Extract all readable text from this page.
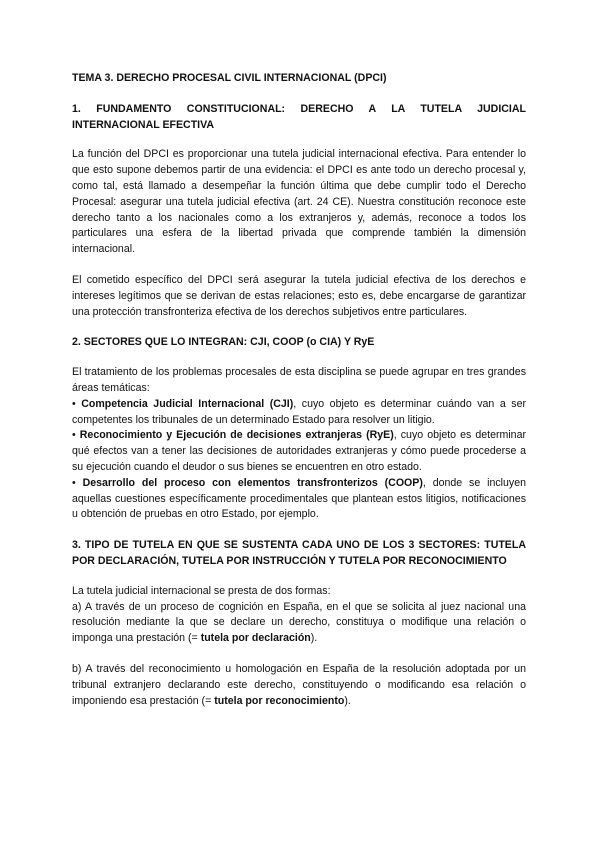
TEMA 3. DERECHO PROCESAL CIVIL INTERNACIONAL (DPCI)
1. FUNDAMENTO CONSTITUCIONAL: DERECHO A LA TUTELA JUDICIAL INTERNACIONAL EFECTIVA

La función del DPCI es proporcionar una tutela judicial internacional efectiva. Para entender lo que esto supone debemos partir de una evidencia: el DPCI es ante todo un derecho procesal y, como tal, está llamado a desempeñar la función última que debe cumplir todo el Derecho Procesal: asegurar una tutela judicial efectiva (art. 24 CE). Nuestra constitución reconoce este derecho tanto a los nacionales como a los extranjeros y, además, reconoce a todos los particulares una esfera de la libertad privada que comprende también la dimensión internacional.

El cometido específico del DPCI será asegurar la tutela judicial efectiva de los derechos e intereses legítimos que se derivan de estas relaciones; esto es, debe encargarse de garantizar una protección transfronteriza efectiva de los derechos subjetivos entre particulares.

2. SECTORES QUE LO INTEGRAN: CJI, COOP (o CIA) Y RyE

El tratamiento de los problemas procesales de esta disciplina se puede agrupar en tres grandes áreas temáticas:

• Competencia Judicial Internacional (CJI), cuyo objeto es determinar cuándo van a ser competentes los tribunales de un determinado Estado para resolver un litigio.
• Reconocimiento y Ejecución de decisiones extranjeras (RyE), cuyo objeto es determinar qué efectos van a tener las decisiones de autoridades extranjeras y cómo puede procederse a su ejecución cuando el deudor o sus bienes se encuentren en otro estado.
• Desarrollo del proceso con elementos transfronterizos (COOP), donde se incluyen aquellas cuestiones específicamente procedimentales que plantean estos litigios, notificaciones u obtención de pruebas en otro Estado, por ejemplo.
3. TIPO DE TUTELA EN QUE SE SUSTENTA CADA UNO DE LOS 3 SECTORES: TUTELA POR DECLARACIÓN, TUTELA POR INSTRUCCIÓN Y TUTELA POR RECONOCIMIENTO

La tutela judicial internacional se presta de dos formas:

a) A través de un proceso de cognición en España, en el que se solicita al juez nacional una resolución mediante la que se declare un derecho, constituya o modifique una relación o imponga una prestación (= tutela por declaración).

b) A través del reconocimiento u homologación en España de la resolución adoptada por un tribunal extranjero declarando este derecho, constituyendo o modificando esa relación o imponiendo esa prestación (= tutela por reconocimiento).
